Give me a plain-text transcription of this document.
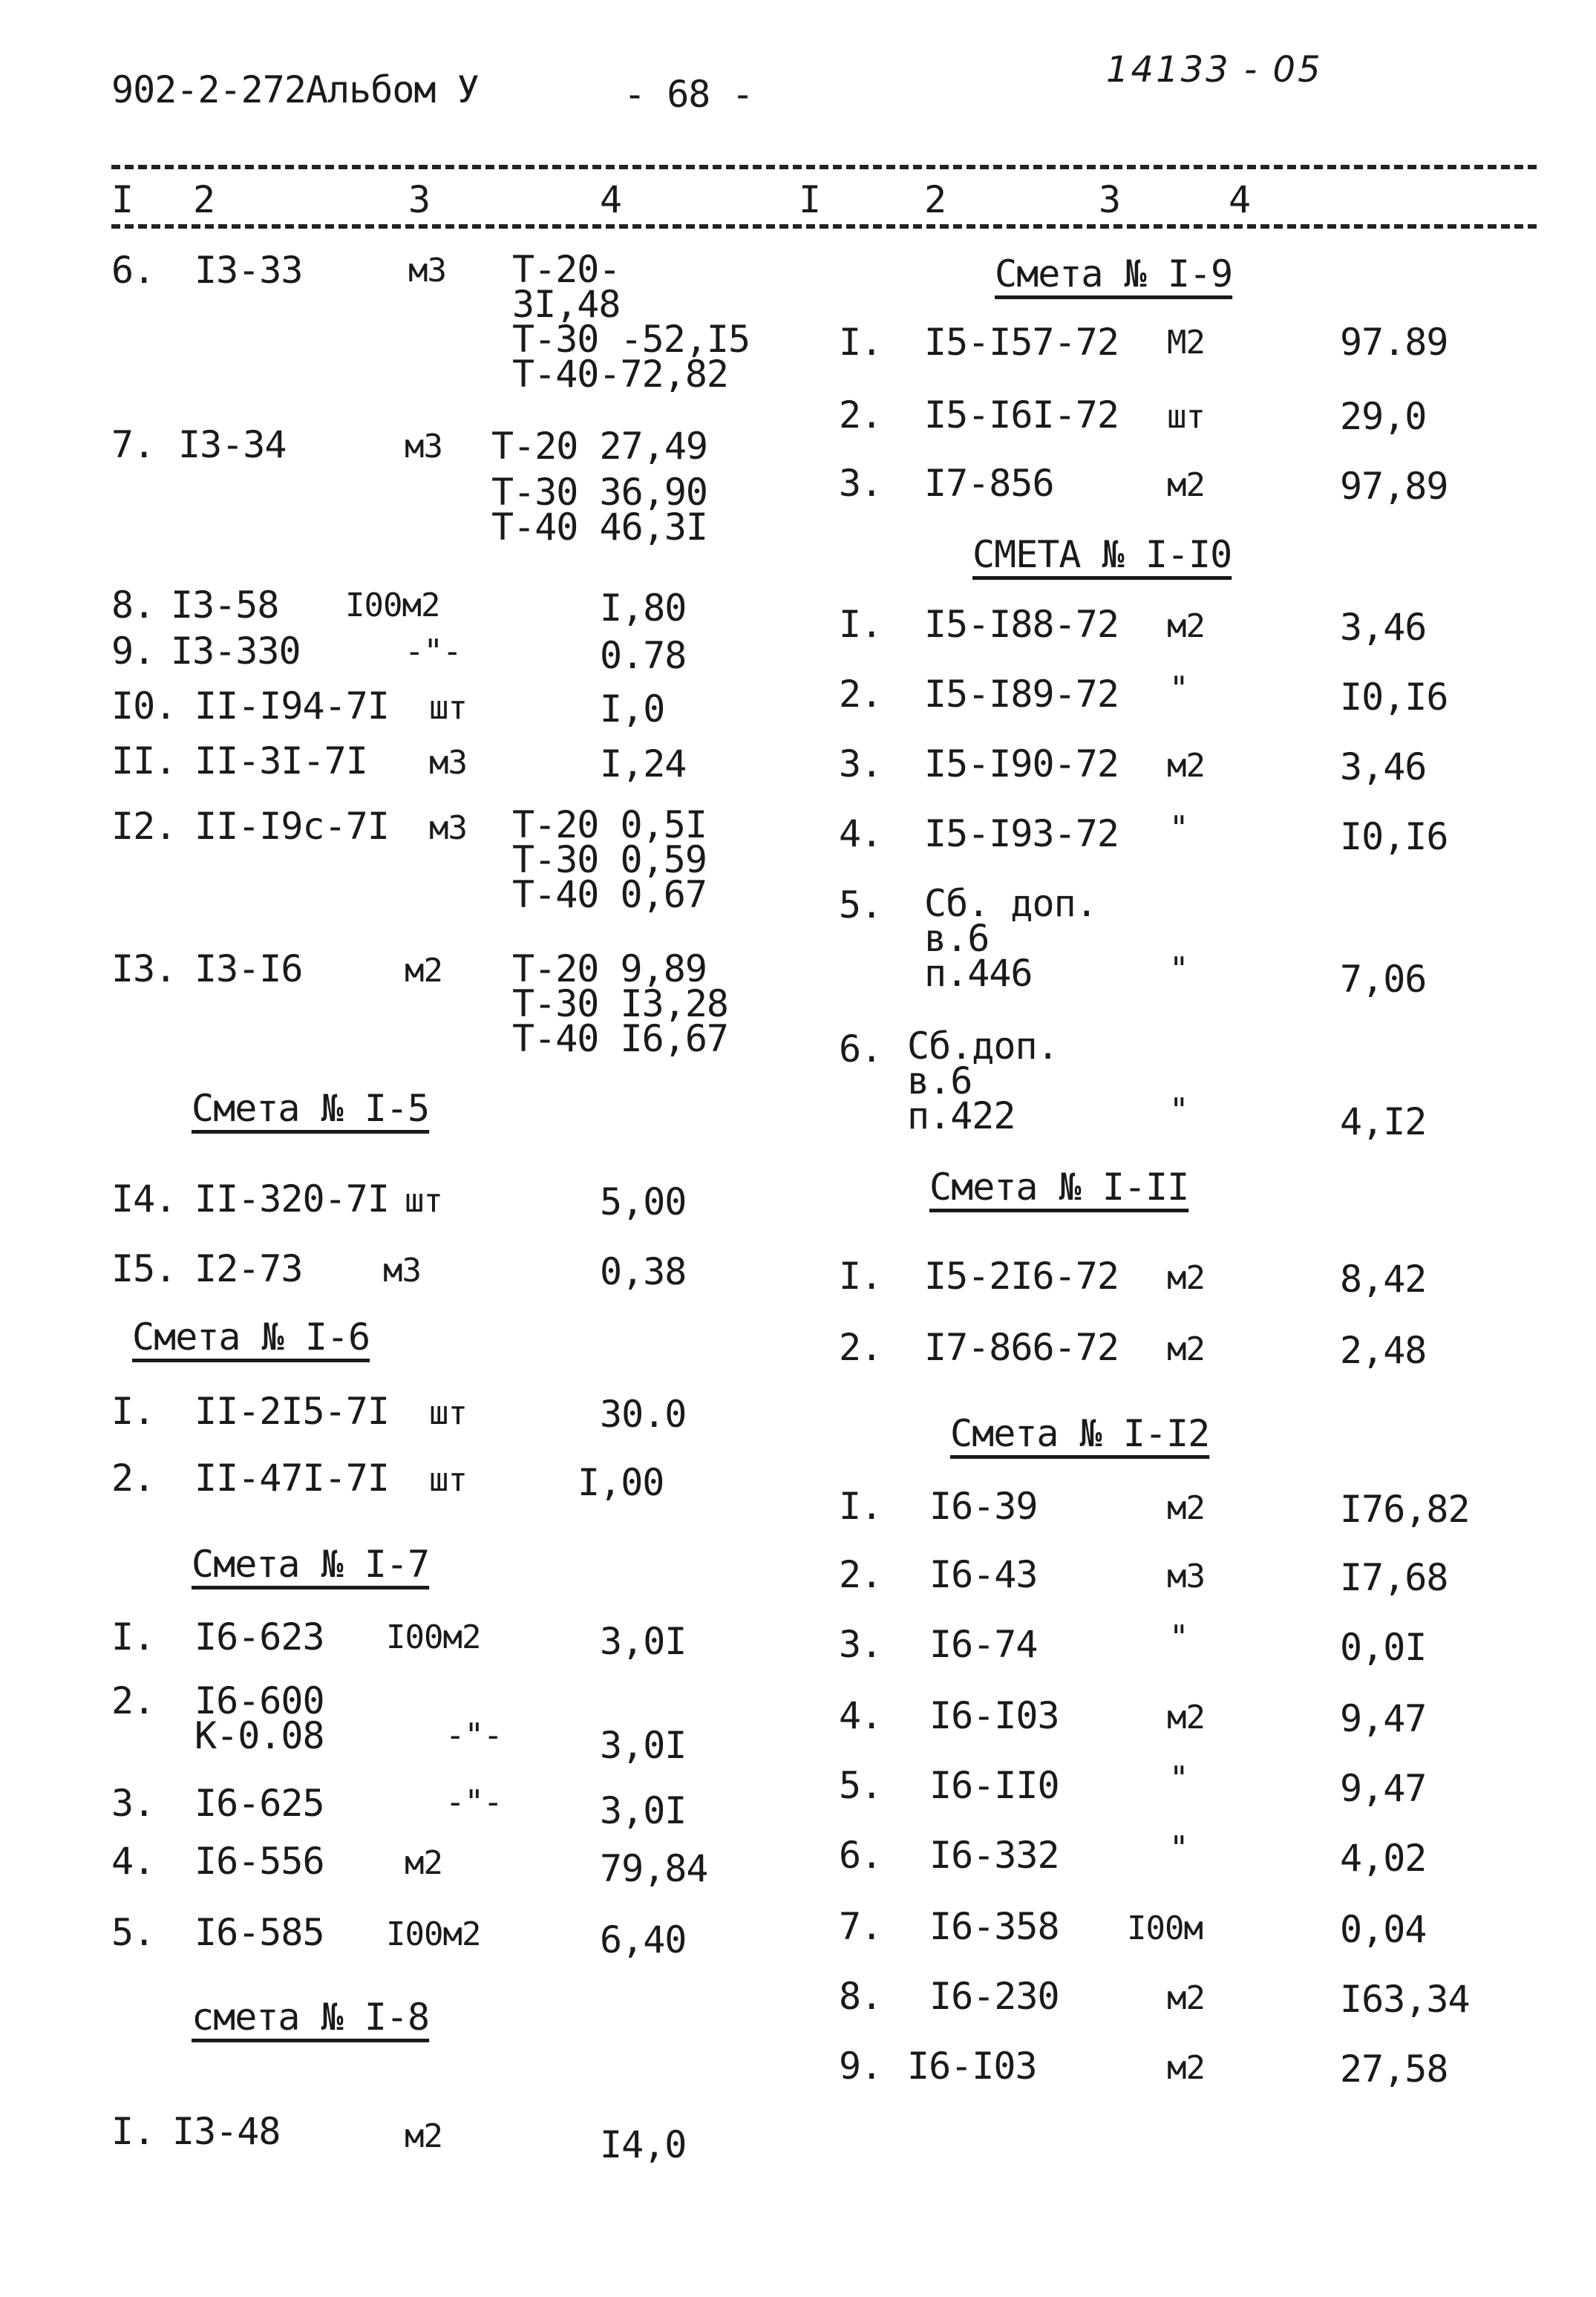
902-2-272Альбом У	- 68 -
14133 - 05
I 2	3	4	I	2	3	4
6. I3-33	м3 Т-20-
3I,48
Т-30 -52,I5
Т-40-72,82
7. I3-34	м3 Т-20 27,49
Т-30 36,90
Т-40 46,3I
8. I3-58 I00м2	I,80
9. I3-330	-"-	0.78
I0. II-I94-7I шт	I,0
II. II-3I-7I м3	I,24
I2. II-I9с-7I м3 Т-20 0,5I
Т-30 0,59
Т-40 0,67
I3. I3-I6	м2 Т-20 9,89
Т-30 I3,28
Т-40 I6,67
Смета № I-5
I4. II-320-7I шт	5,00
I5. I2-73 м3	0,38
Смета № I-6
I. II-2I5-7I шт	30.0
2. II-47I-7I шт	I,00
Смета № I-7
I. I6-623 I00м2	3,0I
2. I6-600
К-0.08	-"-	3,0I
3. I6-625	-"-	3,0I
4. I6-556 м2	79,84
5. I6-585 I00м2	6,40
смета № I-8
I. I3-48	м2	I4,0
Смета № I-9
I. I5-I57-72 М2	97.89
2. I5-I6I-72 шт	29,0
3. I7-856	м2	97,89
СМЕТА № I-I0
I. I5-I88-72 м2	3,46
2. I5-I89-72 "	I0,I6
3. I5-I90-72 м2	3,46
4. I5-I93-72 "	I0,I6
5. Сб. доп.
в.6
п.446	"	7,06
6. Сб.доп.
в.6
п.422	"	4,I2
Смета № I-II
I. I5-2I6-72 м2	8,42
2. I7-866-72 м2	2,48
Смета № I-I2
I. I6-39	м2	I76,82
2. I6-43	м3	I7,68
3. I6-74	"	0,0I
4. I6-I03	м2	9,47
5. I6-II0	"	9,47
6. I6-332	"	4,02
7. I6-358 I00м	0,04
8. I6-230	м2	I63,34
9. I6-I03	м2	27,58
